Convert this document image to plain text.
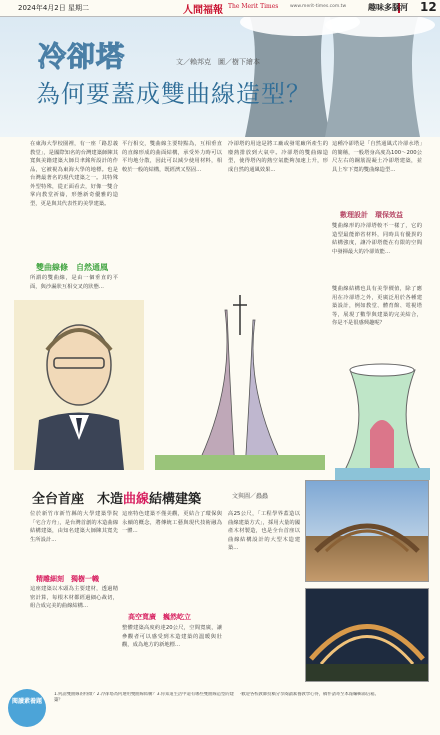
2024年4月2日 星期二	人間福報 The Merit Times	www.merit-times.com.tw	趣味多腦河 12
冷卻塔	文／賴邦克　圖／樹下繪本
為何要蓋成雙曲線造型？
在東海大學校園裡，有一座「路思義教堂」，是國際知名的台灣建築師陳其寬與美籍建築大師貝聿銘所設計的作品，它被視為東海大學的地標。也是台灣最著名的現代建築之一。其特殊外型特殊，從正面看去，好像一雙合掌向教堂祈禱，形態新奇優雅的造型，更是與其代表性的美學建築。
雙曲線條　自然通風
所謂的雙曲線，是由一個垂直的平面，與沙漏狀互相交叉的狀態...
平行相交，雙曲線主要特點為，互相垂直的直線形成的曲面結構，承受外力時可以平均地分散，因此可以減少使用材料，相較於一般的結構，既經濟又堅固...
冷卻塔的用途是將工廠或發電廠所產生的廢熱排放到大氣中。冷卻塔的雙曲線造型，使得塔內的熱空氣能夠加速上升，形成自然的通風效果...
這種冷卻塔是「自然通風式冷卻水塔」的簡稱，一般塔身高度為100～200公尺左右的鋼筋混凝土冷卻塔建築，並具上窄下寬的雙曲線造型...
數理設計　環保效益
雙曲線形的冷卻塔較不一樣了，它的造型最能節省材料，同時具有優異的結構強度，讓冷卻塔能在有限的空間中發揮最大的冷卻效能...
雙曲線結構也具有美學價值，除了應用在冷卻塔之外，更廣泛用於各種建築設計，例如教堂、體育館、電視塔等，展現了數學與建築的完美結合，你是不是很感興趣呢？
全台首座　木造曲線結構建築	文與圖／蟲蟲
位於新竹市新竹縣的大學建築學院「宅合方舟」，是台灣首創的木造曲線結構建築，由知名建築大師陳其寬先生所設計...
精雕細刻　獨樹一幟
這座建築以木頭為主要建材，透過精密計算，每根木材都經過細心裁切，組合成完美的曲線結構...
這座特色建築不僅美觀，更結合了環保與永續的概念，將傳統工藝與現代技術融為一體...
高空寬廣　巍然屹立
整體建築高度約達20公尺，空間寬廣，讓參觀者可以感受到木造建築的溫暖與壯觀，成為地方的新地標...
高25公尺，「工程學界蓋造以曲線建築方式」，採用大量的國產木材製造，也是全台首座以曲線結構設計的大型木造建築...
閱讀素養題
1.何謂雙曲線的特徵？2.冷卻塔為何選用雙曲線結構？3.你知道生活中還有哪些雙曲線造型的建築？
‧歡迎各校教師投稿分享閱讀素養教學心得，稿件請寄至本報編輯部信箱。
